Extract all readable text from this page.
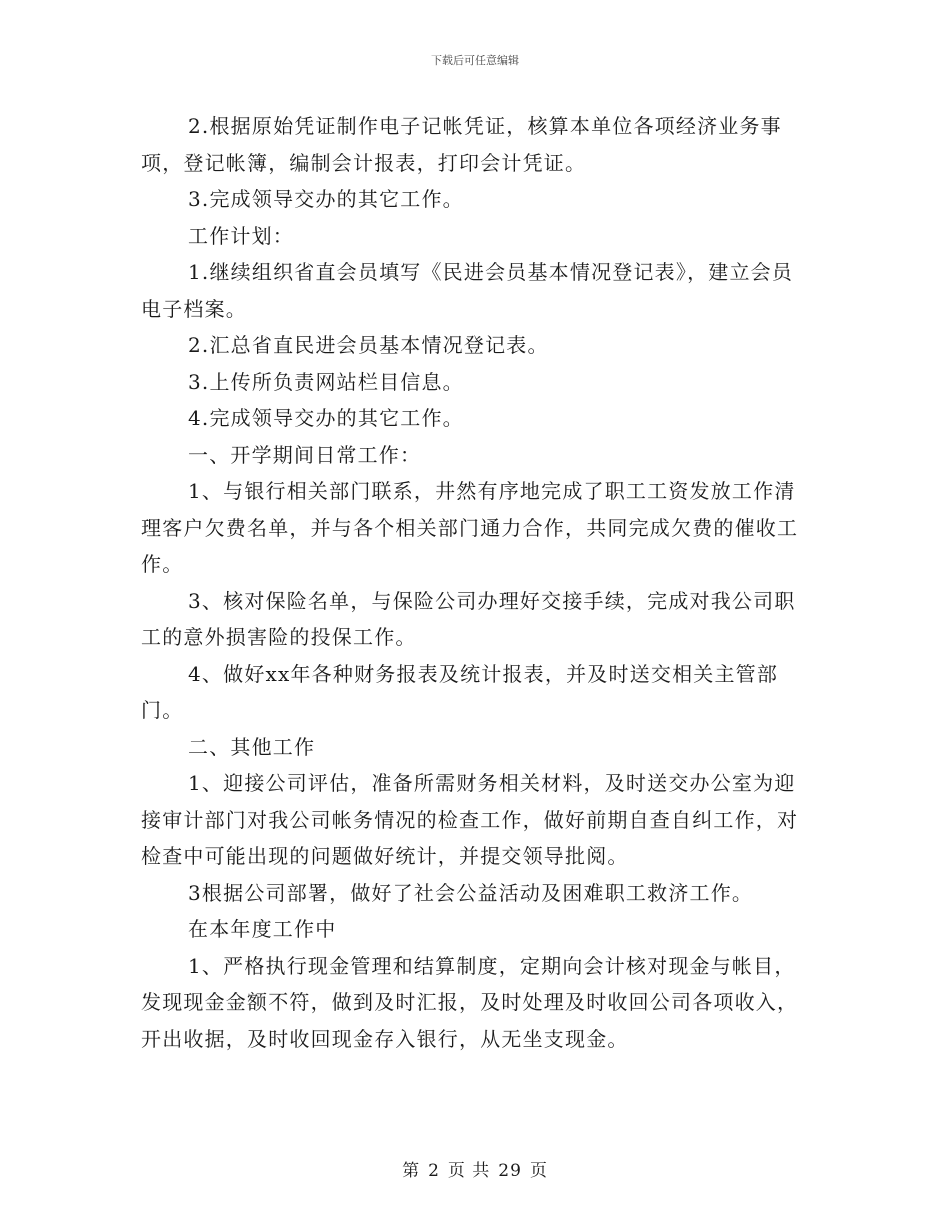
下载后可任意编辑

2.根据原始凭证制作电子记帐凭证，核算本单位各项经济业务事项，登记帐簿，编制会计报表，打印会计凭证。

3.完成领导交办的其它工作。

工作计划：

1.继续组织省直会员填写《民进会员基本情况登记表》，建立会员电子档案。

2.汇总省直民进会员基本情况登记表。

3.上传所负责网站栏目信息。

4.完成领导交办的其它工作。

一、开学期间日常工作：

1、与银行相关部门联系，井然有序地完成了职工工资发放工作清理客户欠费名单，并与各个相关部门通力合作，共同完成欠费的催收工作。

3、核对保险名单，与保险公司办理好交接手续，完成对我公司职工的意外损害险的投保工作。

4、做好xx年各种财务报表及统计报表，并及时送交相关主管部门。

二、其他工作

1、迎接公司评估，准备所需财务相关材料，及时送交办公室为迎接审计部门对我公司帐务情况的检查工作，做好前期自查自纠工作，对检查中可能出现的问题做好统计，并提交领导批阅。

3根据公司部署，做好了社会公益活动及困难职工救济工作。

在本年度工作中

1、严格执行现金管理和结算制度，定期向会计核对现金与帐目，发现现金金额不符，做到及时汇报，及时处理及时收回公司各项收入，开出收据，及时收回现金存入银行，从无坐支现金。

第 2 页 共 29 页
